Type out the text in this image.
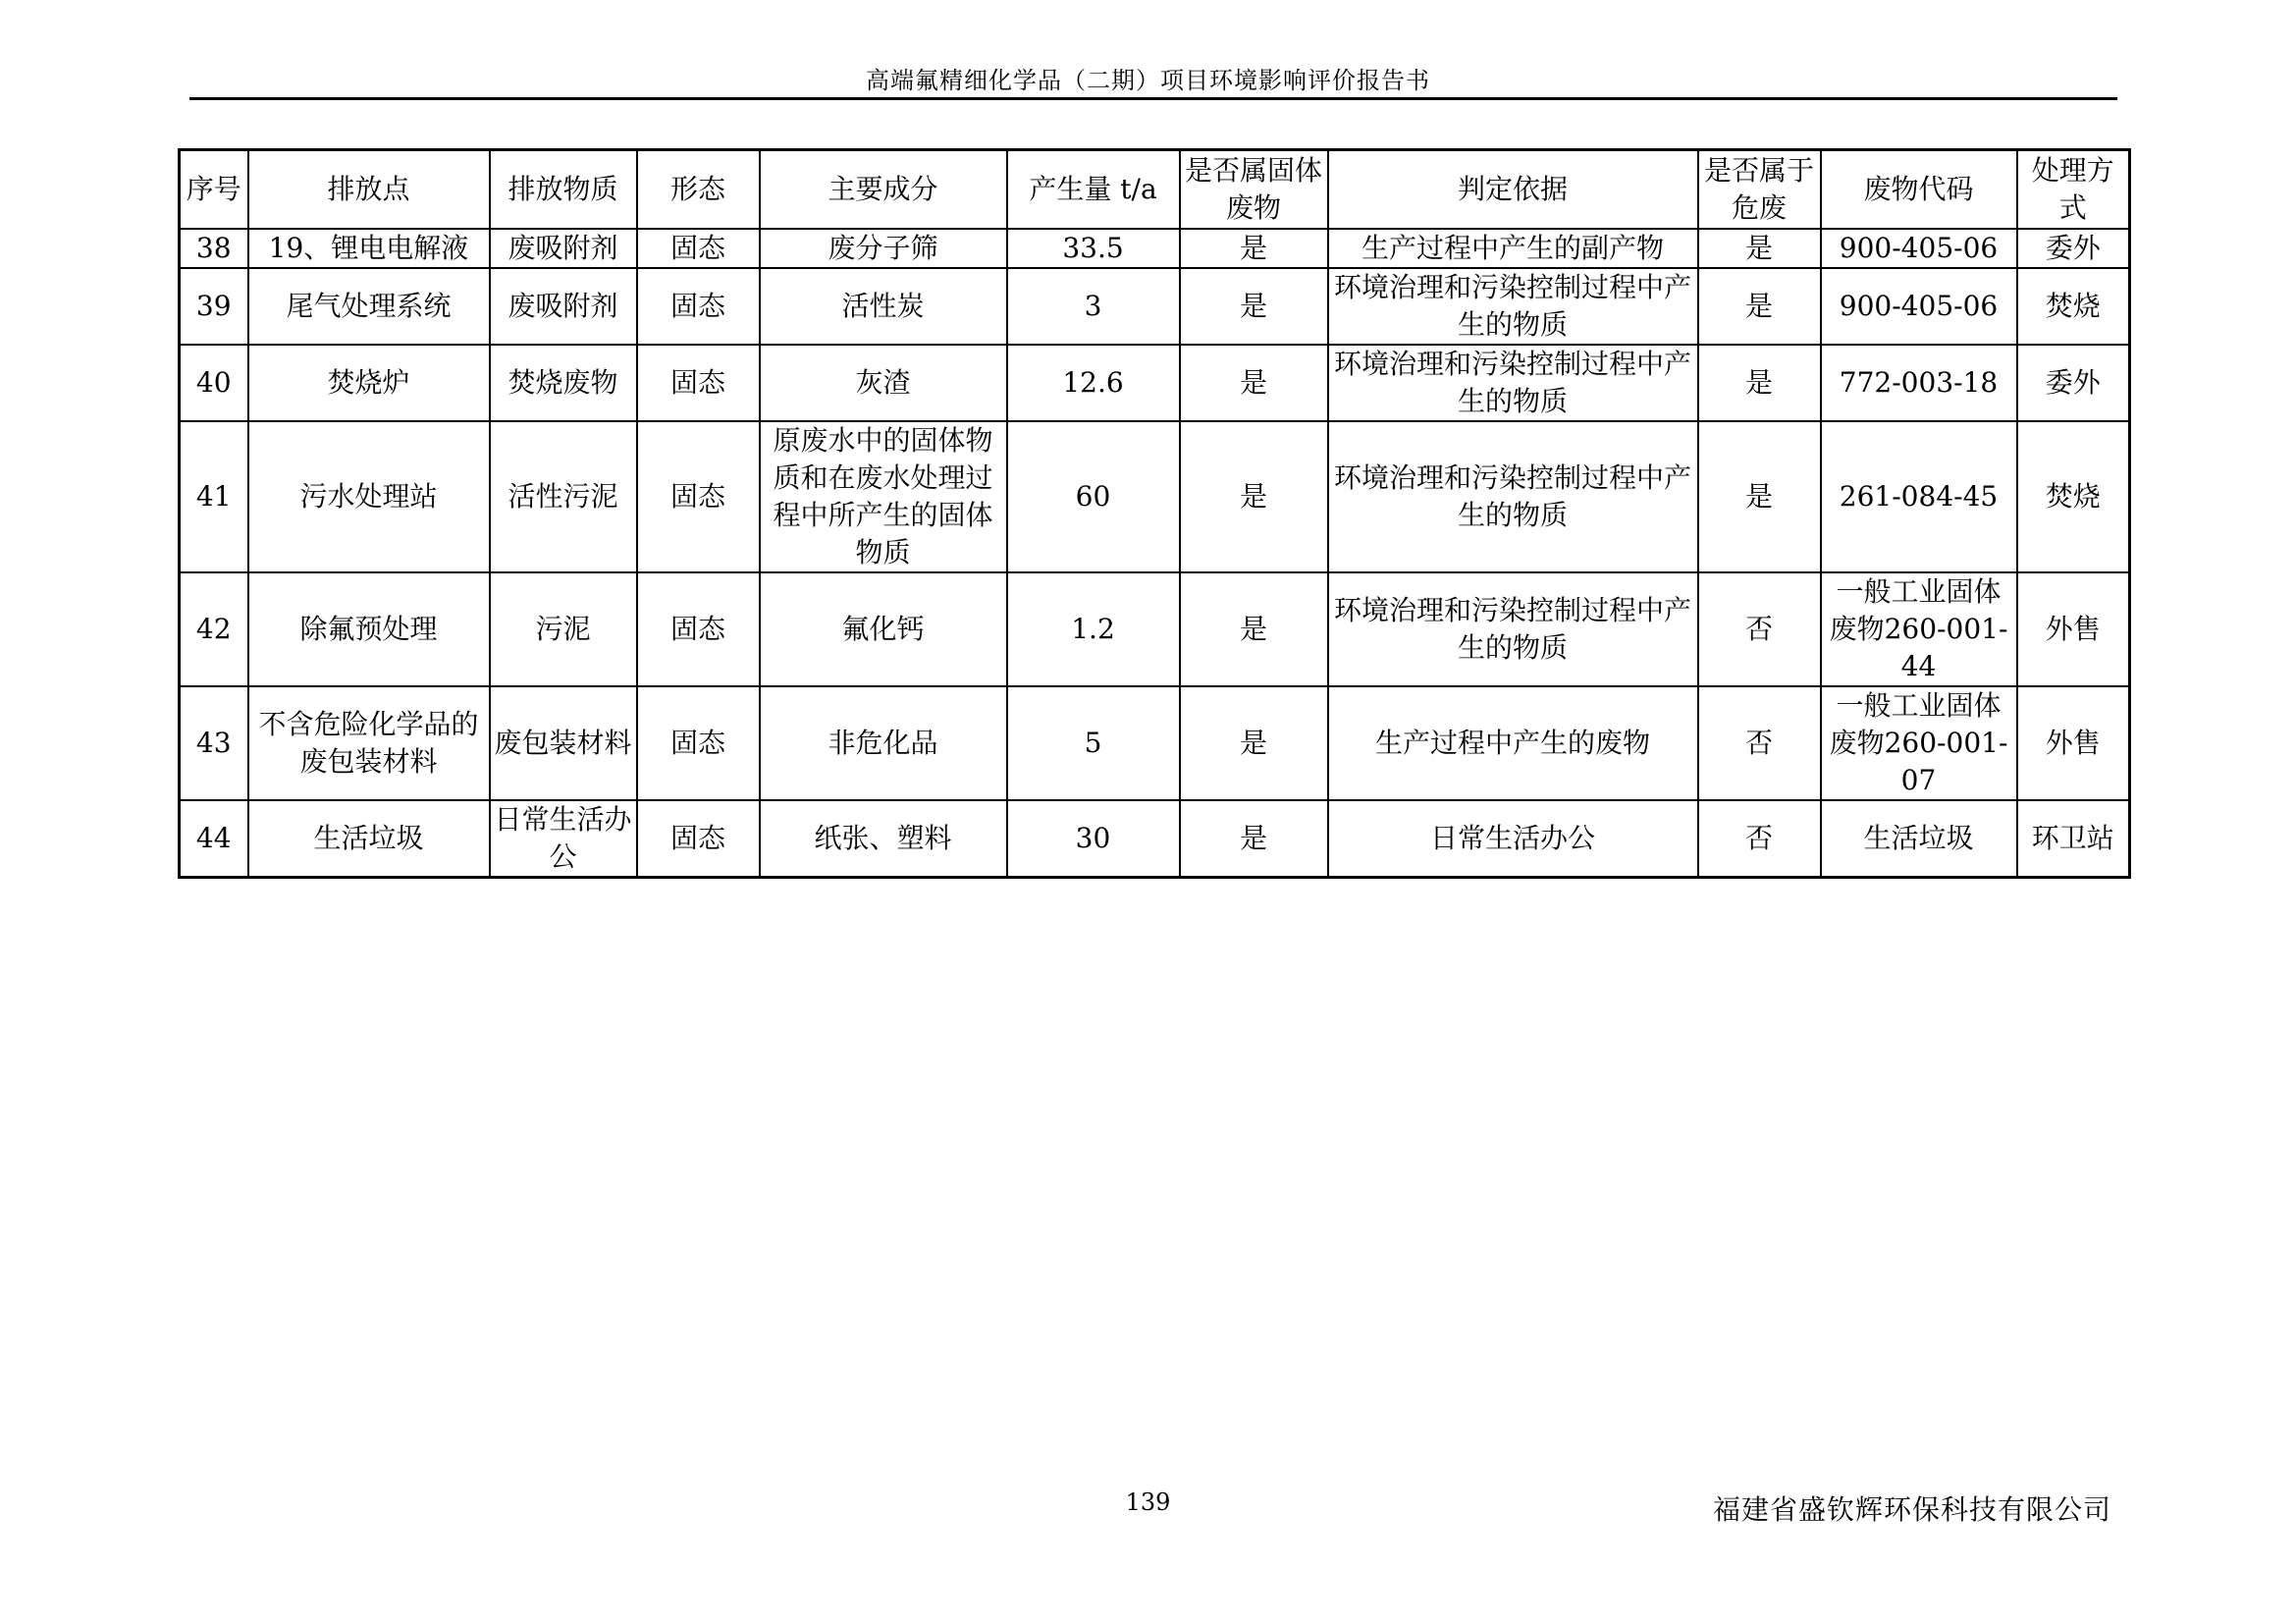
高端氟精细化学品（二期）项目环境影响评价报告书
序号	排放点	排放物质	形态	主要成分	产生量 t/a	是否属固体废物	判定依据	是否属于危废	废物代码	处理方式
38	19、锂电电解液	废吸附剂	固态	废分子筛	33.5	是	生产过程中产生的副产物	是	900-405-06	委外
39	尾气处理系统	废吸附剂	固态	活性炭	3	是	环境治理和污染控制过程中产生的物质	是	900-405-06	焚烧
40	焚烧炉	焚烧废物	固态	灰渣	12.6	是	环境治理和污染控制过程中产生的物质	是	772-003-18	委外
41	污水处理站	活性污泥	固态	原废水中的固体物质和在废水处理过程中所产生的固体物质	60	是	环境治理和污染控制过程中产生的物质	是	261-084-45	焚烧
42	除氟预处理	污泥	固态	氟化钙	1.2	是	环境治理和污染控制过程中产生的物质	否	一般工业固体废物260-001-44	外售
43	不含危险化学品的废包装材料	废包装材料	固态	非危化品	5	是	生产过程中产生的废物	否	一般工业固体废物260-001-07	外售
44	生活垃圾	日常生活办公	固态	纸张、塑料	30	是	日常生活办公	否	生活垃圾	环卫站
139	福建省盛钦辉环保科技有限公司
